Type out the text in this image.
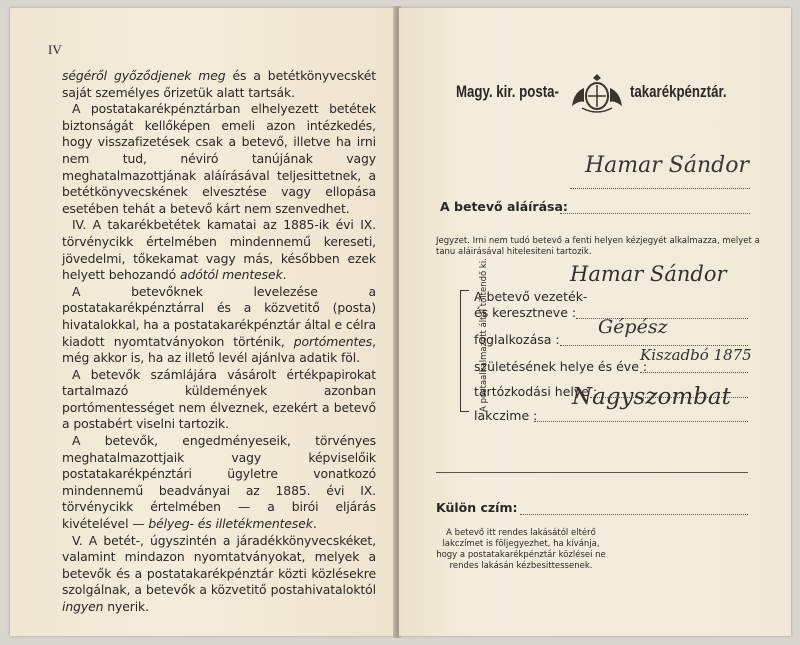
IV

ségéről győződjenek meg és a betétkönyvecskét saját személyes őrizetük alatt tartsák.

A postatakarékpénztárban elhelyezett betétek biztonságát kellőképen emeli azon intézkedés, hogy visszafizetések csak a betevő, illetve ha irni nem tud, néviró tanújának vagy meghatalmazottjának aláírásával teljesittetnek, a betétkönyvecskének elvesztése vagy ellopása esetében tehát a betevő kárt nem szenvedhet.

IV. A takarékbetétek kamatai az 1885-ik évi IX. törvénycikk értelmében mindennemű kereseti, jövedelmi, tőkekamat vagy más, későbben ezek helyett behozandó adótól mentesek.

A betevőknek levelezése a postatakarékpénztárral és a közvetitő (posta) hivatalokkal, ha a postatakarékpénztár által e célra kiadott nyomtatványokon történik, portómentes, még akkor is, ha az illető levél ajánlva adatik föl.

A betevők számlájára vásárolt értékpapirokat tartalmazó küldemények azonban portómentességet nem élveznek, ezekért a betevő a postabért viselni tartozik.

A betevők, engedményeseik, törvényes meghatalmazottjaik vagy képviselőik postatakarékpénztári ügyletre vonatkozó mindennemű beadványai az 1885. évi IX. törvénycikk értelmében — a birói eljárás kivételével — bélyeg- és illetékmentesek.

V. A betét-, úgyszintén a járadékkönyvecskéket, valamint mindazon nyomtatványokat, melyek a betevők és a postatakarékpénztár közti közlésekre szolgálnak, a betevők a közvetitő postahivataloktól ingyen nyerik.

Magy. kir. posta-	takarékpénztár.
Hamar Sándor
A betevő aláírása:
Jegyzet. Irni nem tudó betevő a fenti helyen kézjegyét alkalmazza, melyet a tanu aláirásával hitelesiteni tartozik.
A postaalkalmazott által töltendő ki.
A betevő vezeték-
és keresztneve :
Hamar Sándor
foglalkozása :
Gépész
születésének helye és éve :
Kiszadbó 1875
tartózkodási helye :
lakczime :
Nagyszombat
Külön czím:
A betevő itt rendes lakásától eltérő lakczímet is följegyezhet, ha kívánja, hogy a postatakarékpénztár közlései ne rendes lakásán kézbesittessenek.
